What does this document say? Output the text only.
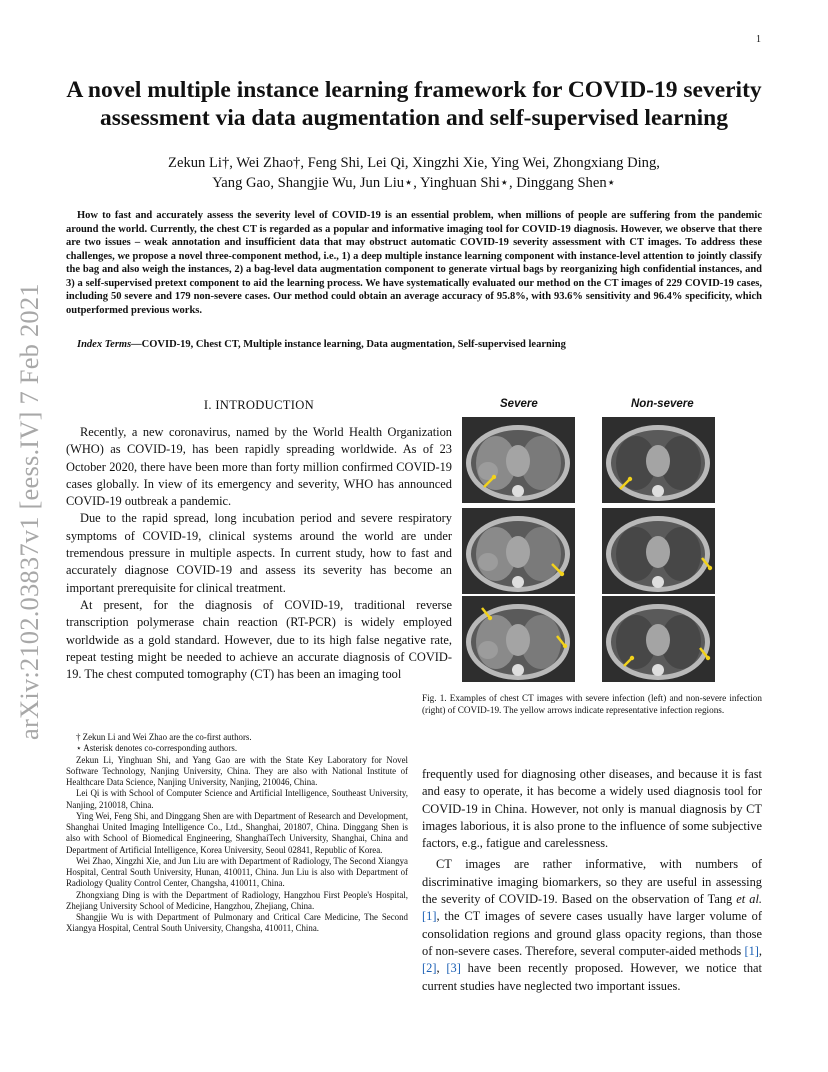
1
arXiv:2102.03837v1 [eess.IV] 7 Feb 2021
A novel multiple instance learning framework for COVID-19 severity
assessment via data augmentation and self-supervised learning
Zekun Li†, Wei Zhao†, Feng Shi, Lei Qi, Xingzhi Xie, Ying Wei, Zhongxiang Ding,
Yang Gao, Shangjie Wu, Jun Liu⋆, Yinghuan Shi⋆, Dinggang Shen⋆

How to fast and accurately assess the severity level of COVID-19 is an essential problem, when millions of people are suffering from the pandemic around the world. Currently, the chest CT is regarded as a popular and informative imaging tool for COVID-19 diagnosis. However, we observe that there are two issues – weak annotation and insufficient data that may obstruct automatic COVID-19 severity assessment with CT images. To address these challenges, we propose a novel three-component method, i.e., 1) a deep multiple instance learning component with instance-level attention to jointly classify the bag and also weigh the instances, 2) a bag-level data augmentation component to generate virtual bags by reorganizing high confidential instances, and 3) a self-supervised pretext component to aid the learning process. We have systematically evaluated our method on the CT images of 229 COVID-19 cases, including 50 severe and 179 non-severe cases. Our method could obtain an average accuracy of 95.8%, with 93.6% sensitivity and 96.4% specificity, which outperformed previous works.

Index Terms—COVID-19, Chest CT, Multiple instance learning, Data augmentation, Self-supervised learning

I. INTRODUCTION

Recently, a new coronavirus, named by the World Health Organization (WHO) as COVID-19, has been rapidly spreading worldwide. As of 23 October 2020, there have been more than forty million confirmed COVID-19 cases globally. In view of its emergency and severity, WHO has announced COVID-19 outbreak a pandemic.

Due to the rapid spread, long incubation period and severe respiratory symptoms of COVID-19, clinical systems around the world are under tremendous pressure in multiple aspects. In current study, how to fast and accurately diagnose COVID-19 and assess its severity has become an important prerequisite for clinical treatment.

At present, for the diagnosis of COVID-19, traditional reverse transcription polymerase chain reaction (RT-PCR) is widely employed worldwide as a gold standard. However, due to its high false negative rate, repeat testing might be needed to achieve an accurate diagnosis of COVID-19. The chest computed tomography (CT) has been an imaging tool

† Zekun Li and Wei Zhao are the co-first authors.

⋆ Asterisk denotes co-corresponding authors.

Zekun Li, Yinghuan Shi, and Yang Gao are with the State Key Laboratory for Novel Software Technology, Nanjing University, China. They are also with National Institute of Healthcare Data Science, Nanjing University, Nanjing, 210046, China.

Lei Qi is with School of Computer Science and Artificial Intelligence, Southeast University, Nanjing, 210018, China.

Ying Wei, Feng Shi, and Dinggang Shen are with Department of Research and Development, Shanghai United Imaging Intelligence Co., Ltd., Shanghai, 201807, China. Dinggang Shen is also with School of Biomedical Engineering, ShanghaiTech University, Shanghai, China and Department of Artificial Intelligence, Korea University, Seoul 02841, Republic of Korea.

Wei Zhao, Xingzhi Xie, and Jun Liu are with Department of Radiology, The Second Xiangya Hospital, Central South University, Hunan, 410011, China. Jun Liu is also with Department of Radiology Quality Control Center, Changsha, 410011, China.

Zhongxiang Ding is with the Department of Radiology, Hangzhou First People's Hospital, Zhejiang University School of Medicine, Hangzhou, Zhejiang, China.

Shangjie Wu is with Department of Pulmonary and Critical Care Medicine, The Second Xiangya Hospital, Central South University, Changsha, 410011, China.

Severe	Non-severe

Fig. 1. Examples of chest CT images with severe infection (left) and non-severe infection (right) of COVID-19. The yellow arrows indicate representative infection regions.

frequently used for diagnosing other diseases, and because it is fast and easy to operate, it has become a widely used diagnosis tool for COVID-19 in China. However, not only is manual diagnosis by CT images laborious, it is also prone to the influence of some subjective factors, e.g., fatigue and carelessness.

CT images are rather informative, with numbers of discriminative imaging biomarkers, so they are useful in assessing the severity of COVID-19. Based on the observation of Tang et al. [1], the CT images of severe cases usually have larger volume of consolidation regions and ground glass opacity regions, than those of non-severe cases. Therefore, several computer-aided methods [1], [2], [3] have been recently proposed. However, we notice that current studies have neglected two important issues.
